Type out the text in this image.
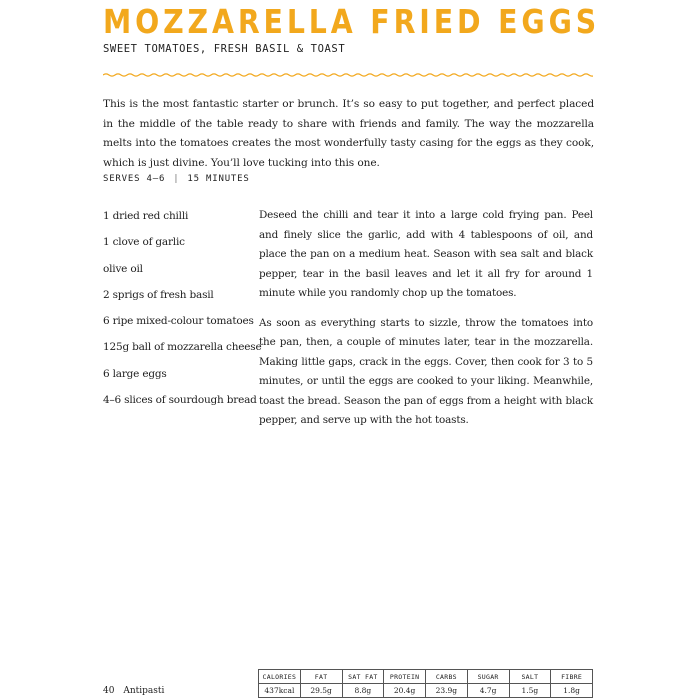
MOZZARELLA FRIED EGGS
SWEET TOMATOES, FRESH BASIL & TOAST

This is the most fantastic starter or brunch. It’s so easy to put together, and perfect placed in the middle of the table ready to share with friends and family. The way the mozzarella melts into the tomatoes creates the most wonderfully tasty casing for the eggs as they cook, which is just divine. You’ll love tucking into this one.

SERVES 4–6 | 15 MINUTES
1 dried red chilli
1 clove of garlic
olive oil
2 sprigs of fresh basil
6 ripe mixed-colour tomatoes
125g ball of mozzarella cheese
6 large eggs
4–6 slices of sourdough bread

Deseed the chilli and tear it into a large cold frying pan. Peel and finely slice the garlic, add with 4 tablespoons of oil, and place the pan on a medium heat. Season with sea salt and black pepper, tear in the basil leaves and let it all fry for around 1 minute while you randomly chop up the tomatoes.

As soon as everything starts to sizzle, throw the tomatoes into the pan, then, a couple of minutes later, tear in the mozzarella. Making little gaps, crack in the eggs. Cover, then cook for 3 to 5 minutes, or until the eggs are cooked to your liking. Meanwhile, toast the bread. Season the pan of eggs from a height with black pepper, and serve up with the hot toasts.

40 Antipasti
CALORIES	FAT	SAT FAT	PROTEIN	CARBS	SUGAR	SALT	FIBRE
437kcal	29.5g	8.8g	20.4g	23.9g	4.7g	1.5g	1.8g
